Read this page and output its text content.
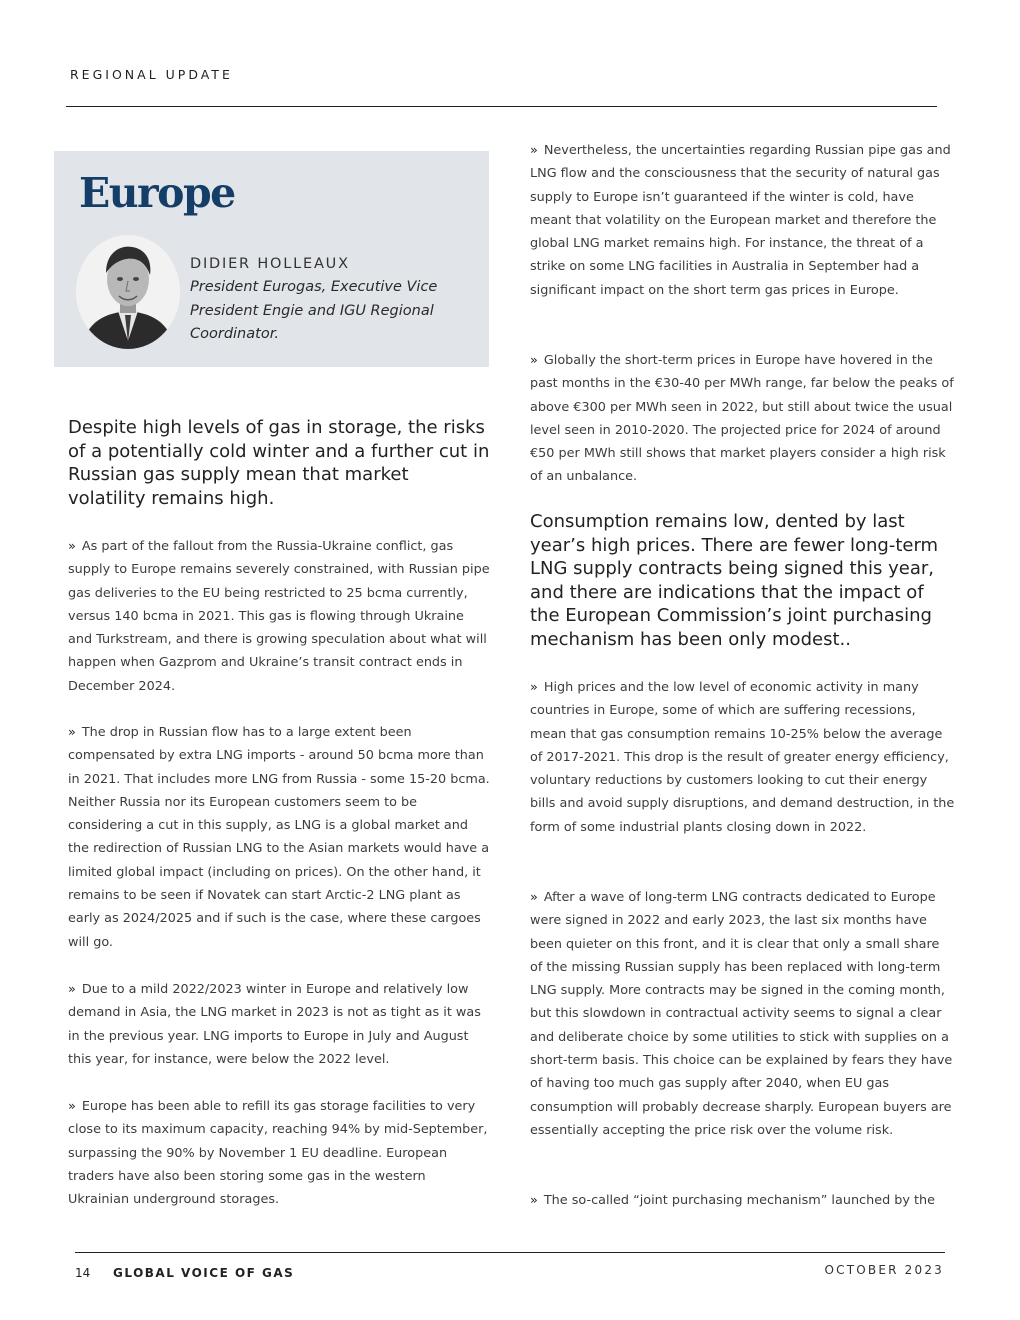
REGIONAL UPDATE
Europe
DIDIER HOLLEAUX
President Eurogas, Executive Vice President Engie and IGU Regional Coordinator.
Despite high levels of gas in storage, the risks of a potentially cold winter and a further cut in Russian gas supply mean that market volatility remains high.

» As part of the fallout from the Russia-Ukraine conflict, gas supply to Europe remains severely constrained, with Russian pipe gas deliveries to the EU being restricted to 25 bcma currently, versus 140 bcma in 2021. This gas is flowing through Ukraine and Turkstream, and there is growing speculation about what will happen when Gazprom and Ukraine’s transit contract ends in December 2024.

» The drop in Russian flow has to a large extent been compensated by extra LNG imports - around 50 bcma more than in 2021. That includes more LNG from Russia - some 15-20 bcma. Neither Russia nor its European customers seem to be considering a cut in this supply, as LNG is a global market and the redirection of Russian LNG to the Asian markets would have a limited global impact (including on prices). On the other hand, it remains to be seen if Novatek can start Arctic-2 LNG plant as early as 2024/2025 and if such is the case, where these cargoes will go.

» Due to a mild 2022/2023 winter in Europe and relatively low demand in Asia, the LNG market in 2023 is not as tight as it was in the previous year. LNG imports to Europe in July and August this year, for instance, were below the 2022 level.

» Europe has been able to refill its gas storage facilities to very close to its maximum capacity, reaching 94% by mid-September, surpassing the 90% by November 1 EU deadline. European traders have also been storing some gas in the western Ukrainian underground storages.

» Nevertheless, the uncertainties regarding Russian pipe gas and LNG flow and the consciousness that the security of natural gas supply to Europe isn’t guaranteed if the winter is cold, have meant that volatility on the European market and therefore the global LNG market remains high. For instance, the threat of a strike on some LNG facilities in Australia in September had a significant impact on the short term gas prices in Europe.

» Globally the short-term prices in Europe have hovered in the past months in the €30-40 per MWh range, far below the peaks of above €300 per MWh seen in 2022, but still about twice the usual level seen in 2010-2020. The projected price for 2024 of around €50 per MWh still shows that market players consider a high risk of an unbalance.

Consumption remains low, dented by last year’s high prices. There are fewer long-term LNG supply contracts being signed this year, and there are indications that the impact of the European Commission’s joint purchasing mechanism has been only modest..

» High prices and the low level of economic activity in many countries in Europe, some of which are suffering recessions, mean that gas consumption remains 10-25% below the average of 2017-2021. This drop is the result of greater energy efficiency, voluntary reductions by customers looking to cut their energy bills and avoid supply disruptions, and demand destruction, in the form of some industrial plants closing down in 2022.

» After a wave of long-term LNG contracts dedicated to Europe were signed in 2022 and early 2023, the last six months have been quieter on this front, and it is clear that only a small share of the missing Russian supply has been replaced with long-term LNG supply. More contracts may be signed in the coming month, but this slowdown in contractual activity seems to signal a clear and deliberate choice by some utilities to stick with supplies on a short-term basis. This choice can be explained by fears they have of having too much gas supply after 2040, when EU gas consumption will probably decrease sharply. European buyers are essentially accepting the price risk over the volume risk.

» The so-called “joint purchasing mechanism” launched by the

14 GLOBAL VOICE OF GAS	OCTOBER 2023
